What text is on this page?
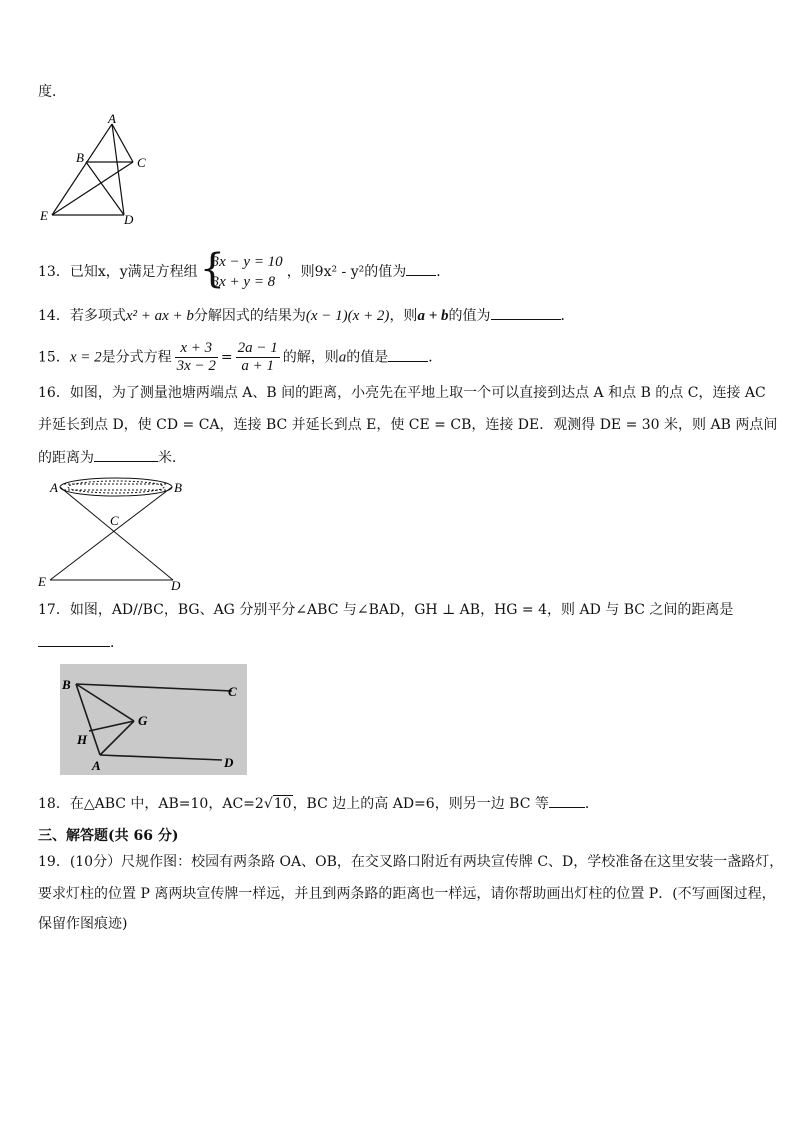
度．
A
B	C
E	D
13．已知x，y满足方程组 {
3x − y = 10
3x + y = 8
，则9x² - y²的值为 ．
14．若多项式x² + ax + b分解因式的结果为(x − 1)(x + 2)，则a + b的值为	．
15．x = 2是分式方程 $\frac{x + 3}{3x - 2} = \frac{2a - 1}{a + 1}$ 的解，则a的值是	．
16．如图，为了测量池塘两端点 A、B 间的距离，小亮先在平地上取一个可以直接到达点 A 和点 B 的点 C，连接 AC
并延长到点 D，使 CD = CA，连接 BC 并延长到点 E，使 CE = CB，连接 DE．观测得 DE = 30 米，则 AB 两点间
的距离为	米．
A	B
C
E	D
17．如图，AD//BC，BG、AG 分别平分∠ABC 与∠BAD，GH ⊥ AB，HG = 4，则 AD 与 BC 之间的距离是
．
B	C
G
H
A	D
18．在△ABC 中，AB=10，AC=2√10，BC 边上的高 AD=6，则另一边 BC 等	．
三、解答题(共 66 分)
19．(10分）尺规作图：校园有两条路 OA、OB，在交叉路口附近有两块宣传牌 C、D，学校准备在这里安装一盏路灯，
要求灯柱的位置 P 离两块宣传牌一样远，并且到两条路的距离也一样远，请你帮助画出灯柱的位置 P．(不写画图过程，
保留作图痕迹)
